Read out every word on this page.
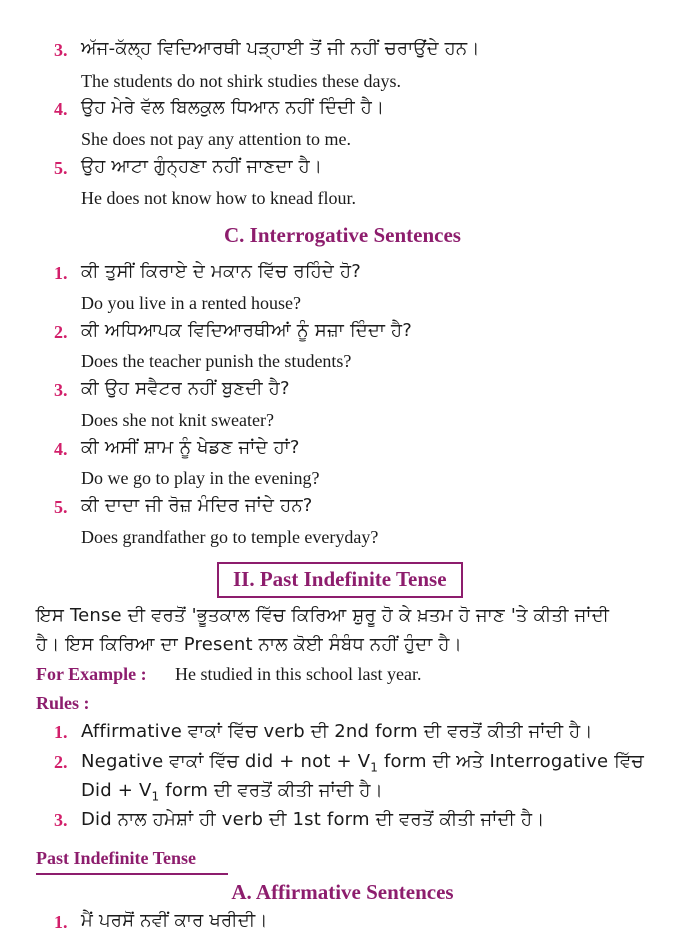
3. ਅੱਜ-ਕੱਲ੍ਹ ਵਿਦਿਆਰਥੀ ਪੜ੍ਹਾਈ ਤੋਂ ਜੀ ਨਹੀਂ ਚਰਾਉਂਦੇ ਹਨ।
The students do not shirk studies these days.
4. ਉਹ ਮੇਰੇ ਵੱਲ ਬਿਲਕੁਲ ਧਿਆਨ ਨਹੀਂ ਦਿੰਦੀ ਹੈ।
She does not pay any attention to me.
5. ਉਹ ਆਟਾ ਗੁੰਨ੍ਹਣਾ ਨਹੀਂ ਜਾਣਦਾ ਹੈ।
He does not know how to knead flour.
C. Interrogative Sentences
1. ਕੀ ਤੁਸੀਂ ਕਿਰਾਏ ਦੇ ਮਕਾਨ ਵਿੱਚ ਰਹਿੰਦੇ ਹੋ?
Do you live in a rented house?
2. ਕੀ ਅਧਿਆਪਕ ਵਿਦਿਆਰਥੀਆਂ ਨੂੰ ਸਜ਼ਾ ਦਿੰਦਾ ਹੈ?
Does the teacher punish the students?
3. ਕੀ ਉਹ ਸਵੈਟਰ ਨਹੀਂ ਬੁਣਦੀ ਹੈ?
Does she not knit sweater?
4. ਕੀ ਅਸੀਂ ਸ਼ਾਮ ਨੂੰ ਖੇਡਣ ਜਾਂਦੇ ਹਾਂ?
Do we go to play in the evening?
5. ਕੀ ਦਾਦਾ ਜੀ ਰੋਜ਼ ਮੰਦਿਰ ਜਾਂਦੇ ਹਨ?
Does grandfather go to temple everyday?
II. Past Indefinite Tense
ਇਸ Tense ਦੀ ਵਰਤੋਂ 'ਭੂਤਕਾਲ ਵਿੱਚ ਕਿਰਿਆ ਸ਼ੁਰੂ ਹੋ ਕੇ ਖ਼ਤਮ ਹੋ ਜਾਣ 'ਤੇ ਕੀਤੀ ਜਾਂਦੀ
ਹੈ। ਇਸ ਕਿਰਿਆ ਦਾ Present ਨਾਲ ਕੋਈ ਸੰਬੰਧ ਨਹੀਂ ਹੁੰਦਾ ਹੈ।
For Example : He studied in this school last year.
Rules :
1. Affirmative ਵਾਕਾਂ ਵਿੱਚ verb ਦੀ 2nd form ਦੀ ਵਰਤੋਂ ਕੀਤੀ ਜਾਂਦੀ ਹੈ।
2. Negative ਵਾਕਾਂ ਵਿੱਚ did + not + $V_1$ form ਦੀ ਅਤੇ Interrogative ਵਿੱਚ
Did + $V_1$ form ਦੀ ਵਰਤੋਂ ਕੀਤੀ ਜਾਂਦੀ ਹੈ।
3. Did ਨਾਲ ਹਮੇਸ਼ਾਂ ਹੀ verb ਦੀ 1st form ਦੀ ਵਰਤੋਂ ਕੀਤੀ ਜਾਂਦੀ ਹੈ।
Past Indefinite Tense
A. Affirmative Sentences
1. ਮੈਂ ਪਰਸੋਂ ਨਵੀਂ ਕਾਰ ਖਰੀਦੀ।
